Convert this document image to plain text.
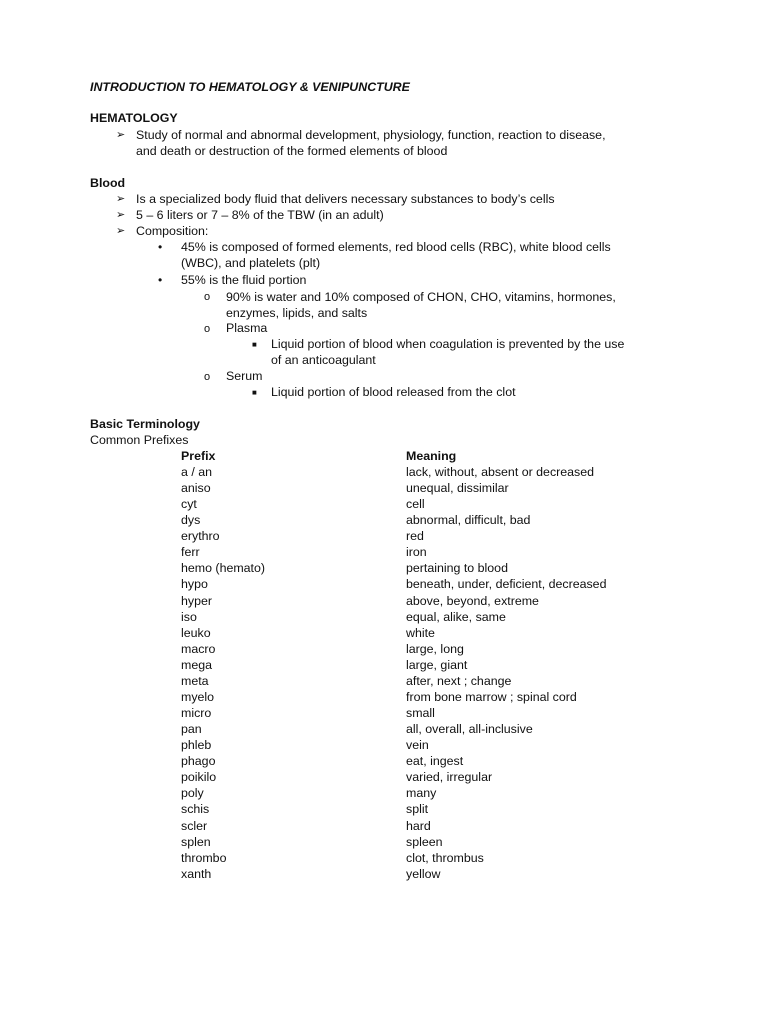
INTRODUCTION TO HEMATOLOGY & VENIPUNCTURE
HEMATOLOGY
➢ Study of normal and abnormal development, physiology, function, reaction to disease,
and death or destruction of the formed elements of blood
Blood
➢ Is a specialized body fluid that delivers necessary substances to body’s cells
➢ 5 – 6 liters or 7 – 8% of the TBW (in an adult)
➢ Composition:
• 45% is composed of formed elements, red blood cells (RBC), white blood cells
(WBC), and platelets (plt)
• 55% is the fluid portion
o 90% is water and 10% composed of CHON, CHO, vitamins, hormones,
enzymes, lipids, and salts
o Plasma
■ Liquid portion of blood when coagulation is prevented by the use
of an anticoagulant
o Serum
■ Liquid portion of blood released from the clot
Basic Terminology
Common Prefixes
Prefix	Meaning
a / an	lack, without, absent or decreased
aniso	unequal, dissimilar
cyt	cell
dys	abnormal, difficult, bad
erythro	red
ferr	iron
hemo (hemato)	pertaining to blood
hypo	beneath, under, deficient, decreased
hyper	above, beyond, extreme
iso	equal, alike, same
leuko	white
macro	large, long
mega	large, giant
meta	after, next ; change
myelo	from bone marrow ; spinal cord
micro	small
pan	all, overall, all-inclusive
phleb	vein
phago	eat, ingest
poikilo	varied, irregular
poly	many
schis	split
scler	hard
splen	spleen
thrombo	clot, thrombus
xanth	yellow
